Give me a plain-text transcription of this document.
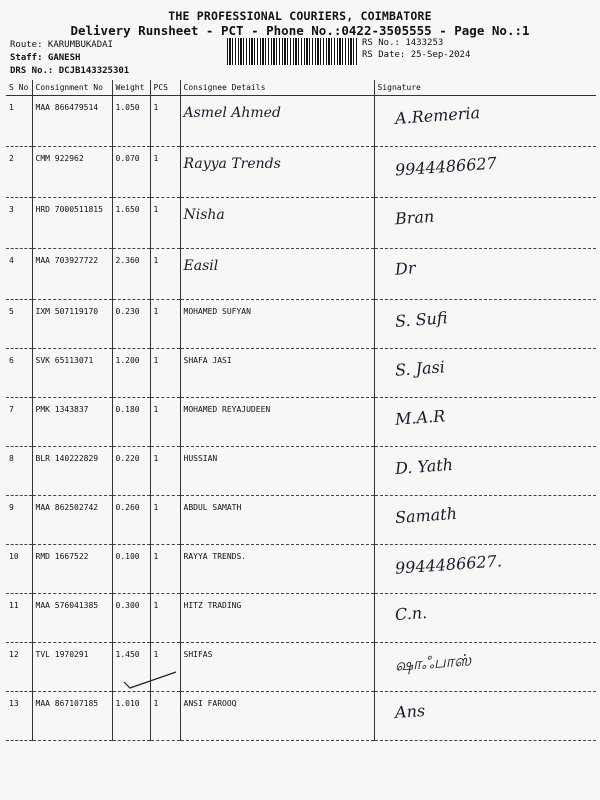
THE PROFESSIONAL COURIERS, COIMBATORE
Delivery Runsheet - PCT - Phone No.:0422-3505555 - Page No.:1
Route: KARUMBUKADAI
Staff: GANESH
DRS No.: DCJB143325301
RS No.: 1433253
RS Date: 25-Sep-2024
S No	Consignment No	Weight	PCS	Consignee Details	Signature
1	MAA 866479514	1.050	1	Asmel Ahmed	A.Remeria

2	CMM 922962	0.070	1	Rayya Trends	9944486627

3	HRD 7000511815	1.650	1	Nisha	Bran

4	MAA 703927722	2.360	1	Easil	Dr

5	IXM 507119170	0.230	1	MOHAMED SUFYAN	S. Sufi

6	SVK 65113071	1.200	1	SHAFA JASI	S. Jasi

7	PMK 1343837	0.180	1	MOHAMED REYAJUDEEN	M.A.R

8	BLR 140222829	0.220	1	HUSSIAN	D. Yath

9	MAA 862502742	0.260	1	ABDUL SAMATH	Samath

10	RMD 1667522	0.100	1	RAYYA TRENDS.	9944486627.

11	MAA 576041385	0.300	1	HITZ TRADING	C.n.

12	TVL 1970291	1.450	1	SHIFAS	ஷாஃபாஸ்

13	MAA 867107185	1.010	1	ANSI FAROOQ	Ans
